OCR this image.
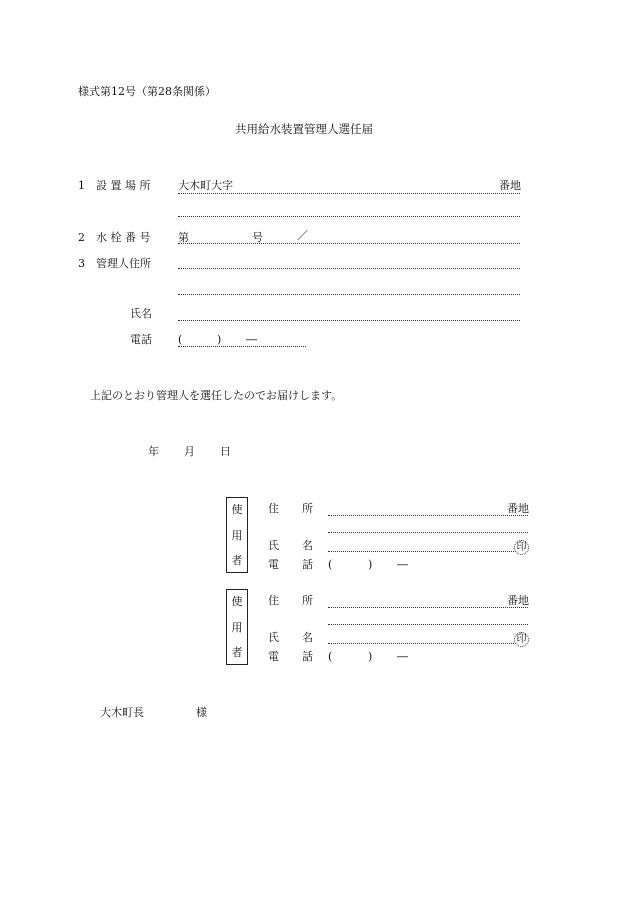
様式第12号（第28条関係）
共用給水装置管理人選任届
1　設 置 場 所	大木町大字	番地
2　水 栓 番 号	第	号	／
3　管理人住所
氏名
電話 (	) ―
上記のとおり管理人を選任したのでお届けします。
年 月 日
使
用
者
住 所	番地
氏 名	印
電 話 (	) ―
使
用
者
住 所	番地
氏 名	印
電 話 (	) ―
大木町長	様
